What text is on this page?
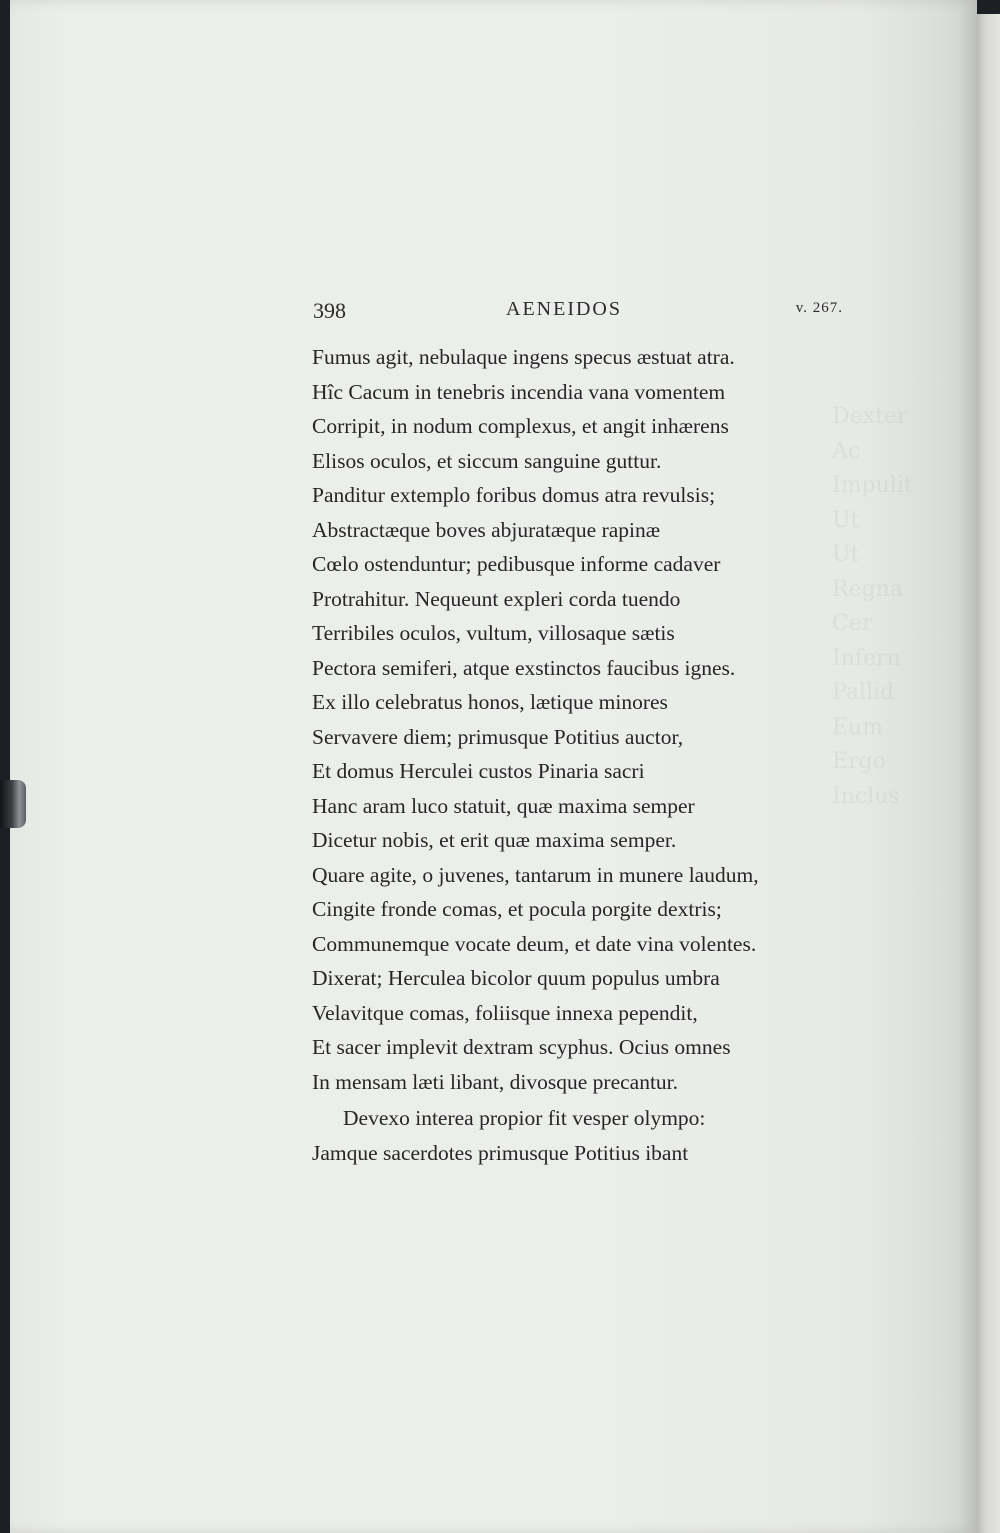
Dexter
Ac
Impulit
Ut
Ut
Regna
Cer
Infern
Pallid
Eum
Ergo
Inclus
398	AENEIDOS	v. 267.
Fumus agit, nebulaque ingens specus æstuat atra.
Hîc Cacum in tenebris incendia vana vomentem
Corripit, in nodum complexus, et angit inhærens
Elisos oculos, et siccum sanguine guttur.
Panditur extemplo foribus domus atra revulsis;
Abstractæque boves abjuratæque rapinæ
Cœlo ostenduntur; pedibusque informe cadaver
Protrahitur. Nequeunt expleri corda tuendo
Terribiles oculos, vultum, villosaque sætis
Pectora semiferi, atque exstinctos faucibus ignes.
Ex illo celebratus honos, lætique minores
Servavere diem; primusque Potitius auctor,
Et domus Herculei custos Pinaria sacri
Hanc aram luco statuit, quæ maxima semper
Dicetur nobis, et erit quæ maxima semper.
Quare agite, o juvenes, tantarum in munere laudum,
Cingite fronde comas, et pocula porgite dextris;
Communemque vocate deum, et date vina volentes.
Dixerat; Herculea bicolor quum populus umbra
Velavitque comas, foliisque innexa pependit,
Et sacer implevit dextram scyphus. Ocius omnes
In mensam læti libant, divosque precantur.
Devexo interea propior fit vesper olympo:
Jamque sacerdotes primusque Potitius ibant
